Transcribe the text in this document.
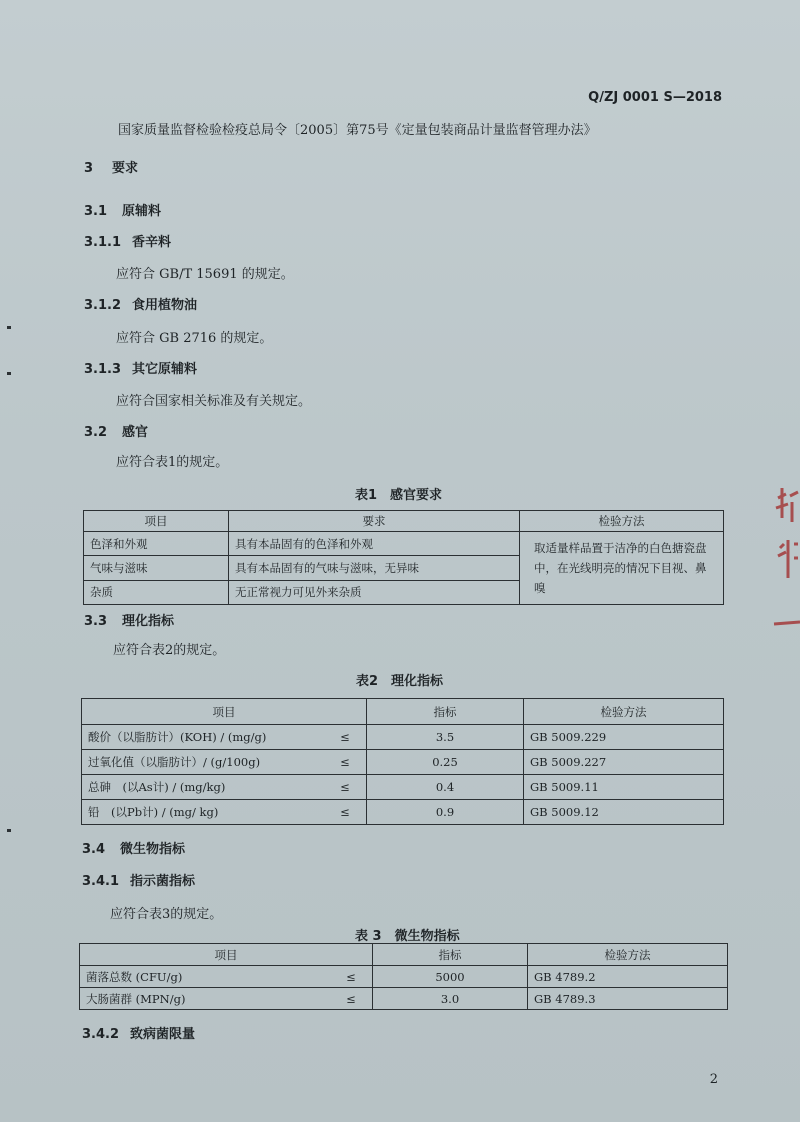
Q/ZJ 0001 S—2018
国家质量监督检验检疫总局令〔2005〕第75号《定量包装商品计量监督管理办法》
3 要求
3.1 原辅料
3.1.1 香辛料
应符合 GB/T 15691 的规定。
3.1.2 食用植物油
应符合 GB 2716 的规定。
3.1.3 其它原辅料
应符合国家相关标准及有关规定。
3.2 感官
应符合表1的规定。
表1　感官要求
项目	要求	检验方法
色泽和外观	具有本品固有的色泽和外观	取适量样品置于洁净的白色搪瓷盘中，在光线明亮的情况下目视、鼻嗅
气味与滋味	具有本品固有的气味与滋味，无异味	
杂质	无正常视力可见外来杂质	
3.3 理化指标
应符合表2的规定。
表2　理化指标
项目		指标	检验方法
酸价（以脂肪计）(KOH) / (mg/g)	≤	3.5	GB 5009.229
过氧化值（以脂肪计）/ (g/100g)	≤	0.25	GB 5009.227
总砷　(以As计) / (mg/kg)	≤	0.4	GB 5009.11
铅　(以Pb计) / (mg/ kg)	≤	0.9	GB 5009.12
3.4 微生物指标
3.4.1 指示菌指标
应符合表3的规定。
表 3　微生物指标
项目		指标	检验方法
菌落总数 (CFU/g)	≤	5000	GB 4789.2
大肠菌群 (MPN/g)	≤	3.0	GB 4789.3
3.4.2 致病菌限量
2
